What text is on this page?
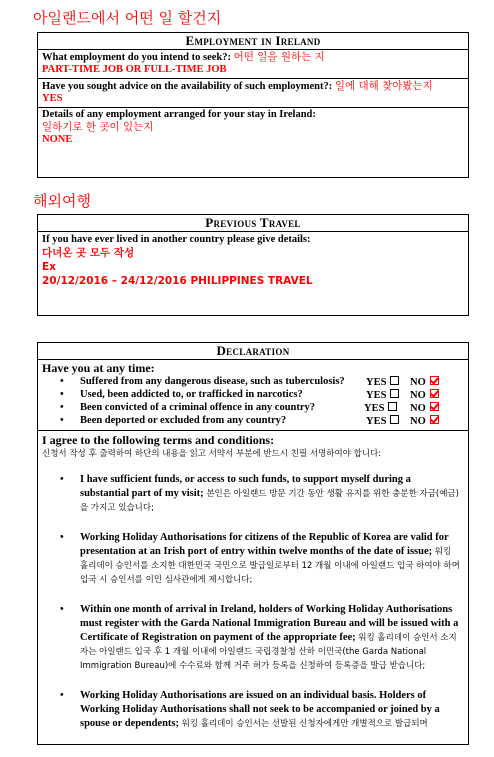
아일랜드에서 어떤 일 할건지
Employment in Ireland
What employment do you intend to seek?: 어떤 일을 원하는 지
PART-TIME JOB OR FULL-TIME JOB
Have you sought advice on the availability of such employment?: 일에 대해 찾아봤는지
YES
Details of any employment arranged for your stay in Ireland:
일하기로 한 곳이 있는지
NONE
해외여행
Previous Travel
If you have ever lived in another country please give details:
다녀온 곳 모두 작성
Ex
20/12/2016 – 24/12/2016 PHILIPPINES TRAVEL
Declaration
Have you at any time:
• Suffered from any dangerous disease, such as tuberculosis? YES	NO
• Used, been addicted to, or trafficked in narcotics?	YES	NO
• Been convicted of a criminal offence in any country?	YES	NO
• Been deported or excluded from any country?	YES	NO
I agree to the following terms and conditions:
신청서 작성 후 출력하여 하단의 내용을 읽고 서약서 부분에 반드시 친필 서명하여야 합니다:
• I have sufficient funds, or access to such funds, to support myself during a substantial part of my visit; 본인은 아일랜드 방문 기간 동안 생활 유지를 위한 충분한 자금(예금)을 가지고 있습니다;
• Working Holiday Authorisations for citizens of the Republic of Korea are valid for presentation at an Irish port of entry within twelve months of the date of issue; 워킹 홀리데이 승인서를 소지한 대한민국 국민으로 발급일로부터 12 개월 이내에 아일랜드 입국 하여야 하며 입국 시 승인서를 이민 심사관에게 제시합니다;
• Within one month of arrival in Ireland, holders of Working Holiday Authorisations must register with the Garda National Immigration Bureau and will be issued with a Certificate of Registration on payment of the appropriate fee; 워킹 홀리데이 승인서 소지자는 아일랜드 입국 후 1 개월 이내에 아일랜드 국립경찰청 산하 이민국(the Garda National Immigration Bureau)에 수수료와 함께 거주 허가 등록을 신청하여 등록증을 발급 받습니다;
• Working Holiday Authorisations are issued on an individual basis. Holders of Working Holiday Authorisations shall not seek to be accompanied or joined by a spouse or dependents; 워킹 홀리데이 승인서는 선발된 신청자에게만 개별적으로 발급되며
